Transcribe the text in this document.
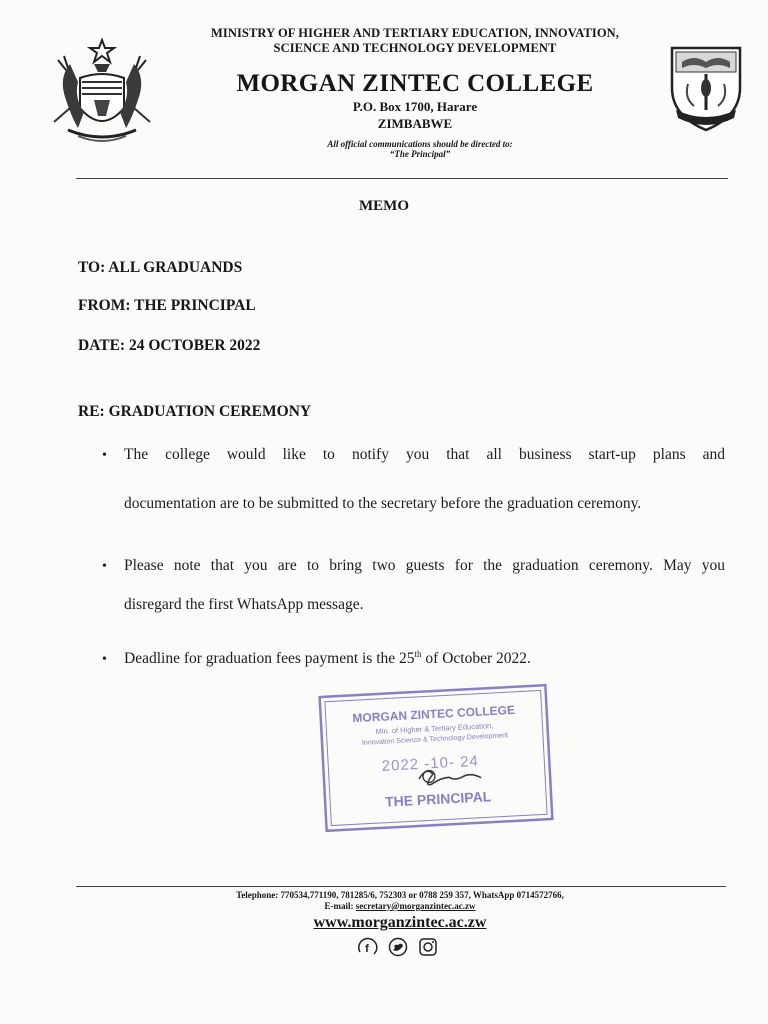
MINISTRY OF HIGHER AND TERTIARY EDUCATION, INNOVATION,
SCIENCE AND TECHNOLOGY DEVELOPMENT
MORGAN ZINTEC COLLEGE
P.O. Box 1700, Harare
ZIMBABWE
All official communications should be directed to:
“The Principal”
MEMO
TO: ALL GRADUANDS
FROM: THE PRINCIPAL
DATE: 24 OCTOBER 2022
RE: GRADUATION CEREMONY
• The college would like to notify you that all business start-up plans and
documentation are to be submitted to the secretary before the graduation ceremony.
• Please note that you are to bring two guests for the graduation ceremony. May you
disregard the first WhatsApp message.
• Deadline for graduation fees payment is the 25th of October 2022.
MORGAN ZINTEC COLLEGE
Min. of Higher & Tertiary Education,
Innovation Science & Technology Development
2022 -10- 24
THE PRINCIPAL
Telephone: 770534,771190, 781285/6, 752303 or 0788 259 357, WhatsApp 0714572766,
E-mail: secretary@morganzintec.ac.zw
www.morganzintec.ac.zw
f
